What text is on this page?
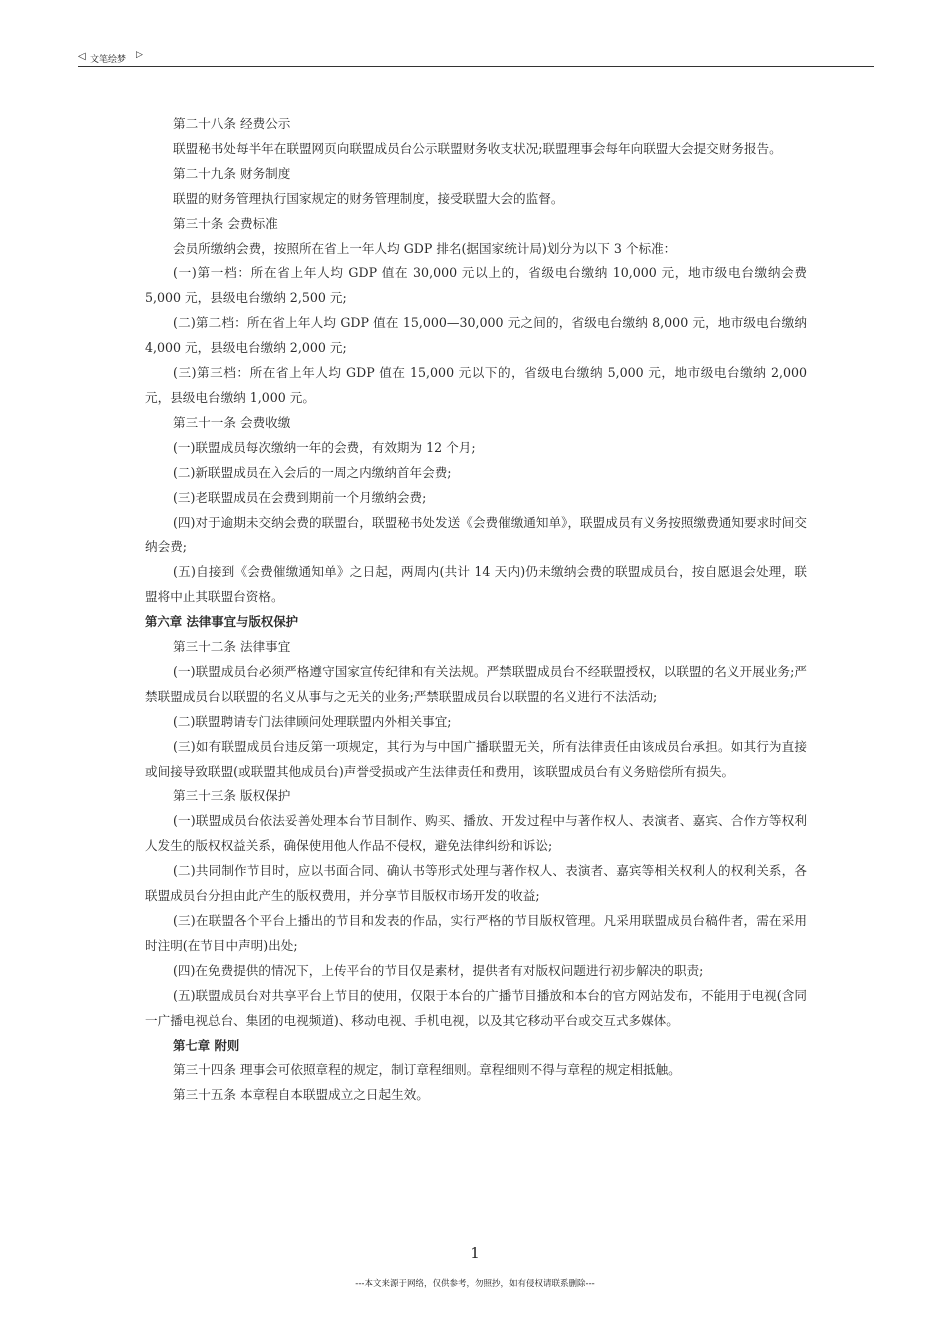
◁ 文笔绘梦 ▷

第二十八条 经费公示

联盟秘书处每半年在联盟网页向联盟成员台公示联盟财务收支状况;联盟理事会每年向联盟大会提交财务报告。

第二十九条 财务制度

联盟的财务管理执行国家规定的财务管理制度，接受联盟大会的监督。

第三十条 会费标准

会员所缴纳会费，按照所在省上一年人均 GDP 排名(据国家统计局)划分为以下 3 个标准：

(一)第一档：所在省上年人均 GDP 值在 30,000 元以上的，省级电台缴纳 10,000 元，地市级电台缴纳会费 5,000 元，县级电台缴纳 2,500 元;

(二)第二档：所在省上年人均 GDP 值在 15,000—30,000 元之间的，省级电台缴纳 8,000 元，地市级电台缴纳 4,000 元，县级电台缴纳 2,000 元;

(三)第三档：所在省上年人均 GDP 值在 15,000 元以下的，省级电台缴纳 5,000 元，地市级电台缴纳 2,000 元，县级电台缴纳 1,000 元。

第三十一条 会费收缴

(一)联盟成员每次缴纳一年的会费，有效期为 12 个月;

(二)新联盟成员在入会后的一周之内缴纳首年会费;

(三)老联盟成员在会费到期前一个月缴纳会费;

(四)对于逾期未交纳会费的联盟台，联盟秘书处发送《会费催缴通知单》，联盟成员有义务按照缴费通知要求时间交纳会费;

(五)自接到《会费催缴通知单》之日起，两周内(共计 14 天内)仍未缴纳会费的联盟成员台，按自愿退会处理，联盟将中止其联盟台资格。

第六章 法律事宜与版权保护

第三十二条 法律事宜

(一)联盟成员台必须严格遵守国家宣传纪律和有关法规。严禁联盟成员台不经联盟授权，以联盟的名义开展业务;严禁联盟成员台以联盟的名义从事与之无关的业务;严禁联盟成员台以联盟的名义进行不法活动;

(二)联盟聘请专门法律顾问处理联盟内外相关事宜;

(三)如有联盟成员台违反第一项规定，其行为与中国广播联盟无关，所有法律责任由该成员台承担。如其行为直接或间接导致联盟(或联盟其他成员台)声誉受损或产生法律责任和费用，该联盟成员台有义务赔偿所有损失。

第三十三条 版权保护

(一)联盟成员台依法妥善处理本台节目制作、购买、播放、开发过程中与著作权人、表演者、嘉宾、合作方等权利人发生的版权权益关系，确保使用他人作品不侵权，避免法律纠纷和诉讼;

(二)共同制作节目时，应以书面合同、确认书等形式处理与著作权人、表演者、嘉宾等相关权利人的权利关系，各联盟成员台分担由此产生的版权费用，并分享节目版权市场开发的收益;

(三)在联盟各个平台上播出的节目和发表的作品，实行严格的节目版权管理。凡采用联盟成员台稿件者，需在采用时注明(在节目中声明)出处;

(四)在免费提供的情况下，上传平台的节目仅是素材，提供者有对版权问题进行初步解决的职责;

(五)联盟成员台对共享平台上节目的使用，仅限于本台的广播节目播放和本台的官方网站发布，不能用于电视(含同一广播电视总台、集团的电视频道)、移动电视、手机电视，以及其它移动平台或交互式多媒体。

第七章 附则

第三十四条 理事会可依照章程的规定，制订章程细则。章程细则不得与章程的规定相抵触。

第三十五条 本章程自本联盟成立之日起生效。

1
---本文来源于网络，仅供参考，勿照抄，如有侵权请联系删除---
